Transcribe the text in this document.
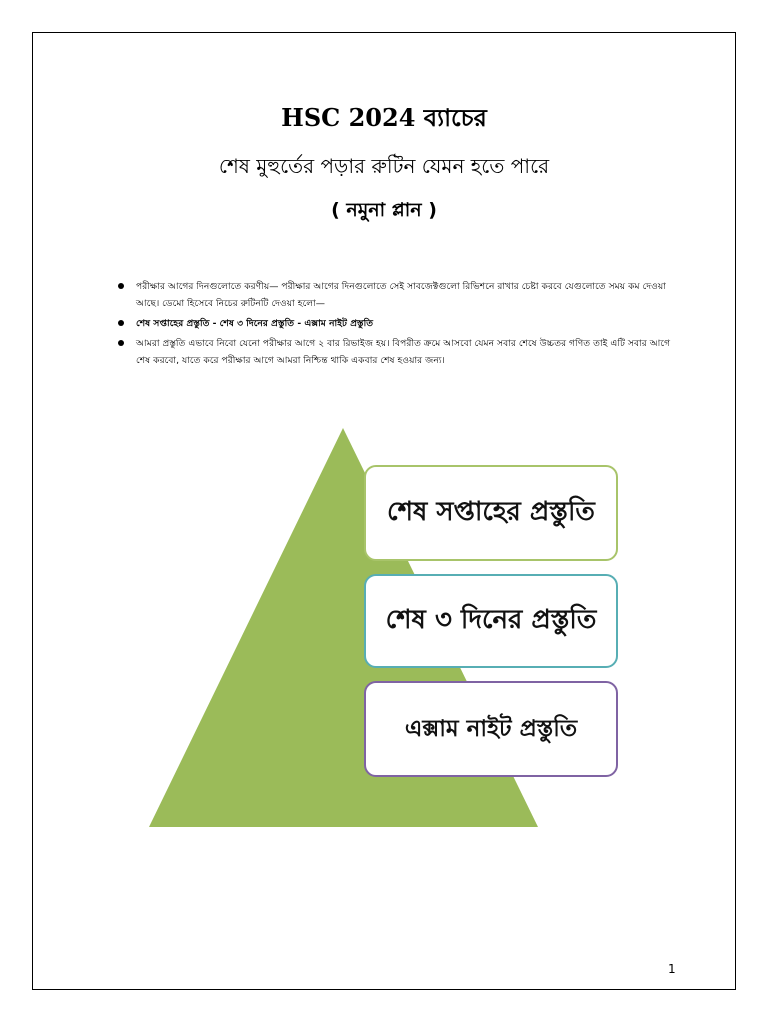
HSC 2024 ব্যাচের
শেষ মুহুর্তের পড়ার রুটিন যেমন হতে পারে
( নমুনা প্লান )
পরীক্ষার আগের দিনগুলোতে করণীয়— পরীক্ষার আগের দিনগুলোতে সেই সাবজেক্টগুলো রিভিশনে রাখার চেষ্টা করবে যেগুলোতে সময় কম দেওয়া আছে। ডেমো হিসেবে নিচের রুটিনটি দেওয়া হলো—
শেষ সপ্তাহের প্রস্তুতি - শেষ ৩ দিনের প্রস্তুতি - এক্সাম নাইট প্রস্তুতি
আমরা প্রস্তুতি এভাবে নিবো যেনো পরীক্ষার আগে ২ বার রিভাইজ হয়। বিপরীত ক্রমে আসবো যেমন সবার শেষে উচ্চতর গণিত তাই এটি সবার আগে শেষ করবো, যাতে করে পরীক্ষার আগে আমরা নিশ্চিন্ত থাকি একবার শেষ হওয়ার জন্য।
শেষ সপ্তাহের প্রস্তুতি
শেষ ৩ দিনের প্রস্তুতি
এক্সাম নাইট প্রস্তুতি
1
